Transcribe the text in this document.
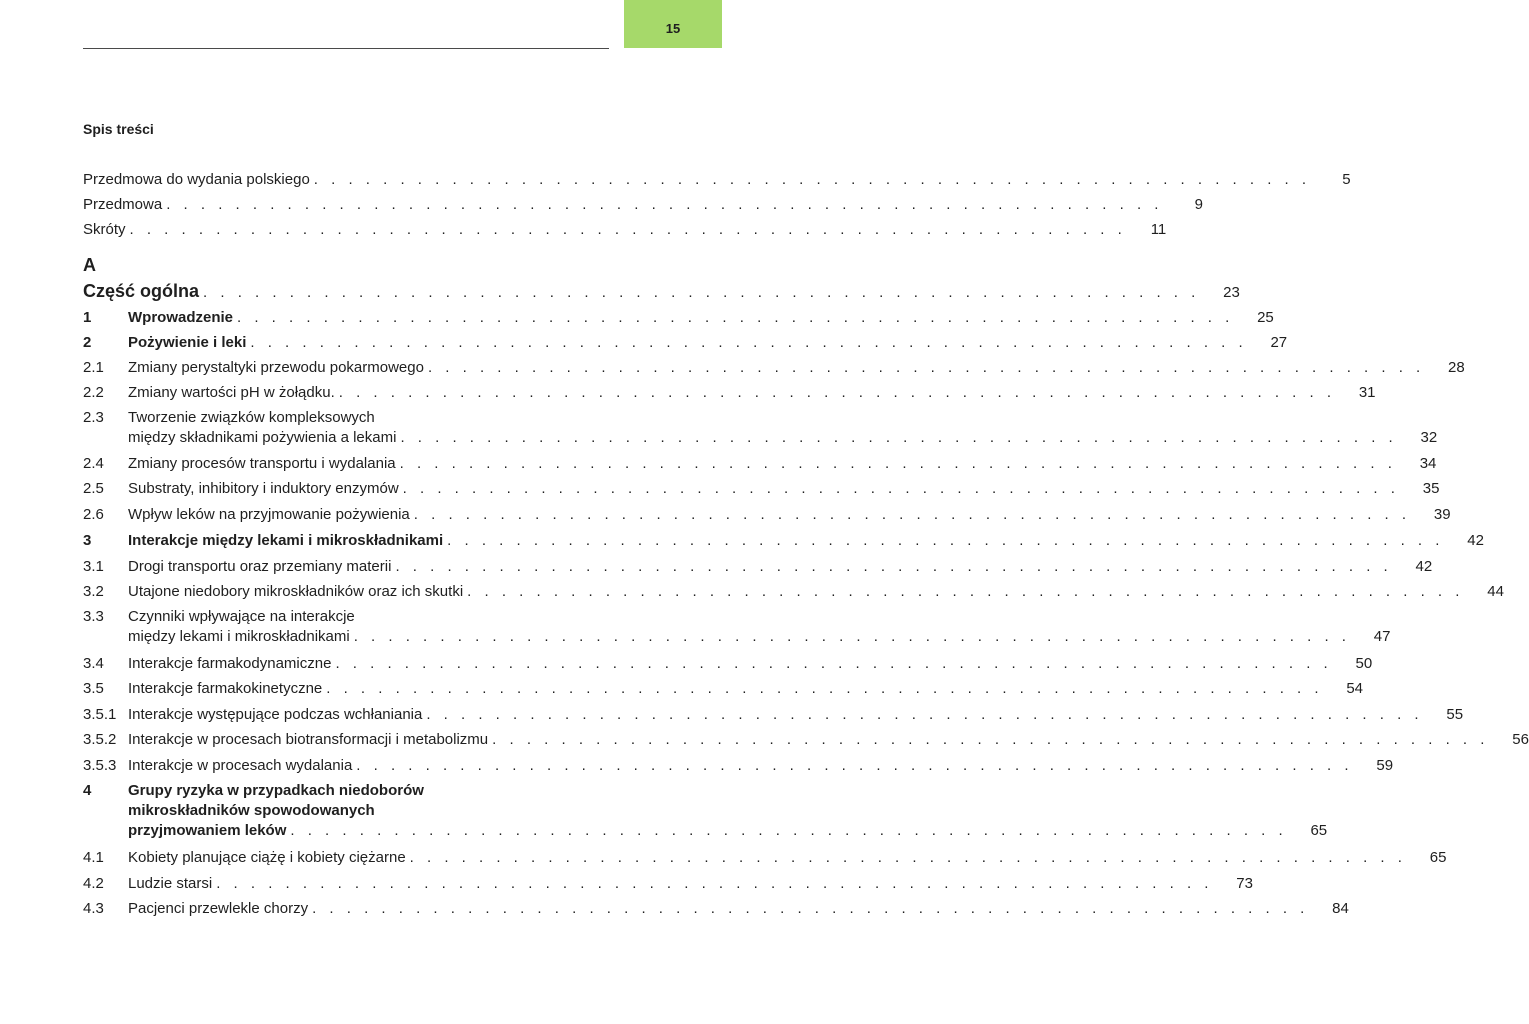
15
Spis treści
Przedmowa do wydania polskiego . . . . . . . . . . . . . . . . . . . . . . . . . . . . . . . . . . . . . . . . . . . . . . . . . . . . . . . . . .	5
Przedmowa . . . . . . . . . . . . . . . . . . . . . . . . . . . . . . . . . . . . . . . . . . . . . . . . . . . . . . . . . .	9
Skróty . . . . . . . . . . . . . . . . . . . . . . . . . . . . . . . . . . . . . . . . . . . . . . . . . . . . . . . . . .	11
Część ogólna . . . . . . . . . . . . . . . . . . . . . . . . . . . . . . . . . . . . . . . . . . . . . . . . . . . . . . . . . .	23
1 Wprowadzenie . . . . . . . . . . . . . . . . . . . . . . . . . . . . . . . . . . . . . . . . . . . . . . . . . . . . . . . . . .	25
2 Pożywienie i leki . . . . . . . . . . . . . . . . . . . . . . . . . . . . . . . . . . . . . . . . . . . . . . . . . . . . . . . . . .	27
2.1 Zmiany perystaltyki przewodu pokarmowego . . . . . . . . . . . . . . . . . . . . . . . . . . . . . . . . . . . . . . . . . . . . . . . . . . . . . . . . . .	28
2.2 Zmiany wartości pH w żołądku. . . . . . . . . . . . . . . . . . . . . . . . . . . . . . . . . . . . . . . . . . . . . . . . . . . . . . . . . . .	31
2.3 Tworzenie związków kompleksowych
między składnikami pożywienia a lekami . . . . . . . . . . . . . . . . . . . . . . . . . . . . . . . . . . . . . . . . . . . . . . . . . . . . . . . . . .	32
2.4 Zmiany procesów transportu i wydalania . . . . . . . . . . . . . . . . . . . . . . . . . . . . . . . . . . . . . . . . . . . . . . . . . . . . . . . . . .	34
2.5 Substraty, inhibitory i induktory enzymów . . . . . . . . . . . . . . . . . . . . . . . . . . . . . . . . . . . . . . . . . . . . . . . . . . . . . . . . . .	35
2.6 Wpływ leków na przyjmowanie pożywienia . . . . . . . . . . . . . . . . . . . . . . . . . . . . . . . . . . . . . . . . . . . . . . . . . . . . . . . . . .	39
3 Interakcje między lekami i mikroskładnikami . . . . . . . . . . . . . . . . . . . . . . . . . . . . . . . . . . . . . . . . . . . . . . . . . . . . . . . . . .	42
3.1 Drogi transportu oraz przemiany materii . . . . . . . . . . . . . . . . . . . . . . . . . . . . . . . . . . . . . . . . . . . . . . . . . . . . . . . . . .	42
3.2 Utajone niedobory mikroskładników oraz ich skutki . . . . . . . . . . . . . . . . . . . . . . . . . . . . . . . . . . . . . . . . . . . . . . . . . . . . . . . . . .	44
3.3 Czynniki wpływające na interakcje
między lekami i mikroskładnikami . . . . . . . . . . . . . . . . . . . . . . . . . . . . . . . . . . . . . . . . . . . . . . . . . . . . . . . . . .	47
3.4 Interakcje farmakodynamiczne . . . . . . . . . . . . . . . . . . . . . . . . . . . . . . . . . . . . . . . . . . . . . . . . . . . . . . . . . .	50
3.5 Interakcje farmakokinetyczne . . . . . . . . . . . . . . . . . . . . . . . . . . . . . . . . . . . . . . . . . . . . . . . . . . . . . . . . . .	54
3.5.1 Interakcje występujące podczas wchłaniania . . . . . . . . . . . . . . . . . . . . . . . . . . . . . . . . . . . . . . . . . . . . . . . . . . . . . . . . . .	55
3.5.2 Interakcje w procesach biotransformacji i metabolizmu . . . . . . . . . . . . . . . . . . . . . . . . . . . . . . . . . . . . . . . . . . . . . . . . . . . . . . . . . .	56
3.5.3 Interakcje w procesach wydalania . . . . . . . . . . . . . . . . . . . . . . . . . . . . . . . . . . . . . . . . . . . . . . . . . . . . . . . . . .	59
4 Grupy ryzyka w przypadkach niedoborów
mikroskładników spowodowanych
przyjmowaniem leków . . . . . . . . . . . . . . . . . . . . . . . . . . . . . . . . . . . . . . . . . . . . . . . . . . . . . . . . . .	65
4.1 Kobiety planujące ciążę i kobiety ciężarne . . . . . . . . . . . . . . . . . . . . . . . . . . . . . . . . . . . . . . . . . . . . . . . . . . . . . . . . . .	65
4.2 Ludzie starsi . . . . . . . . . . . . . . . . . . . . . . . . . . . . . . . . . . . . . . . . . . . . . . . . . . . . . . . . . .	73
4.3 Pacjenci przewlekle chorzy . . . . . . . . . . . . . . . . . . . . . . . . . . . . . . . . . . . . . . . . . . . . . . . . . . . . . . . . . .	84
A
